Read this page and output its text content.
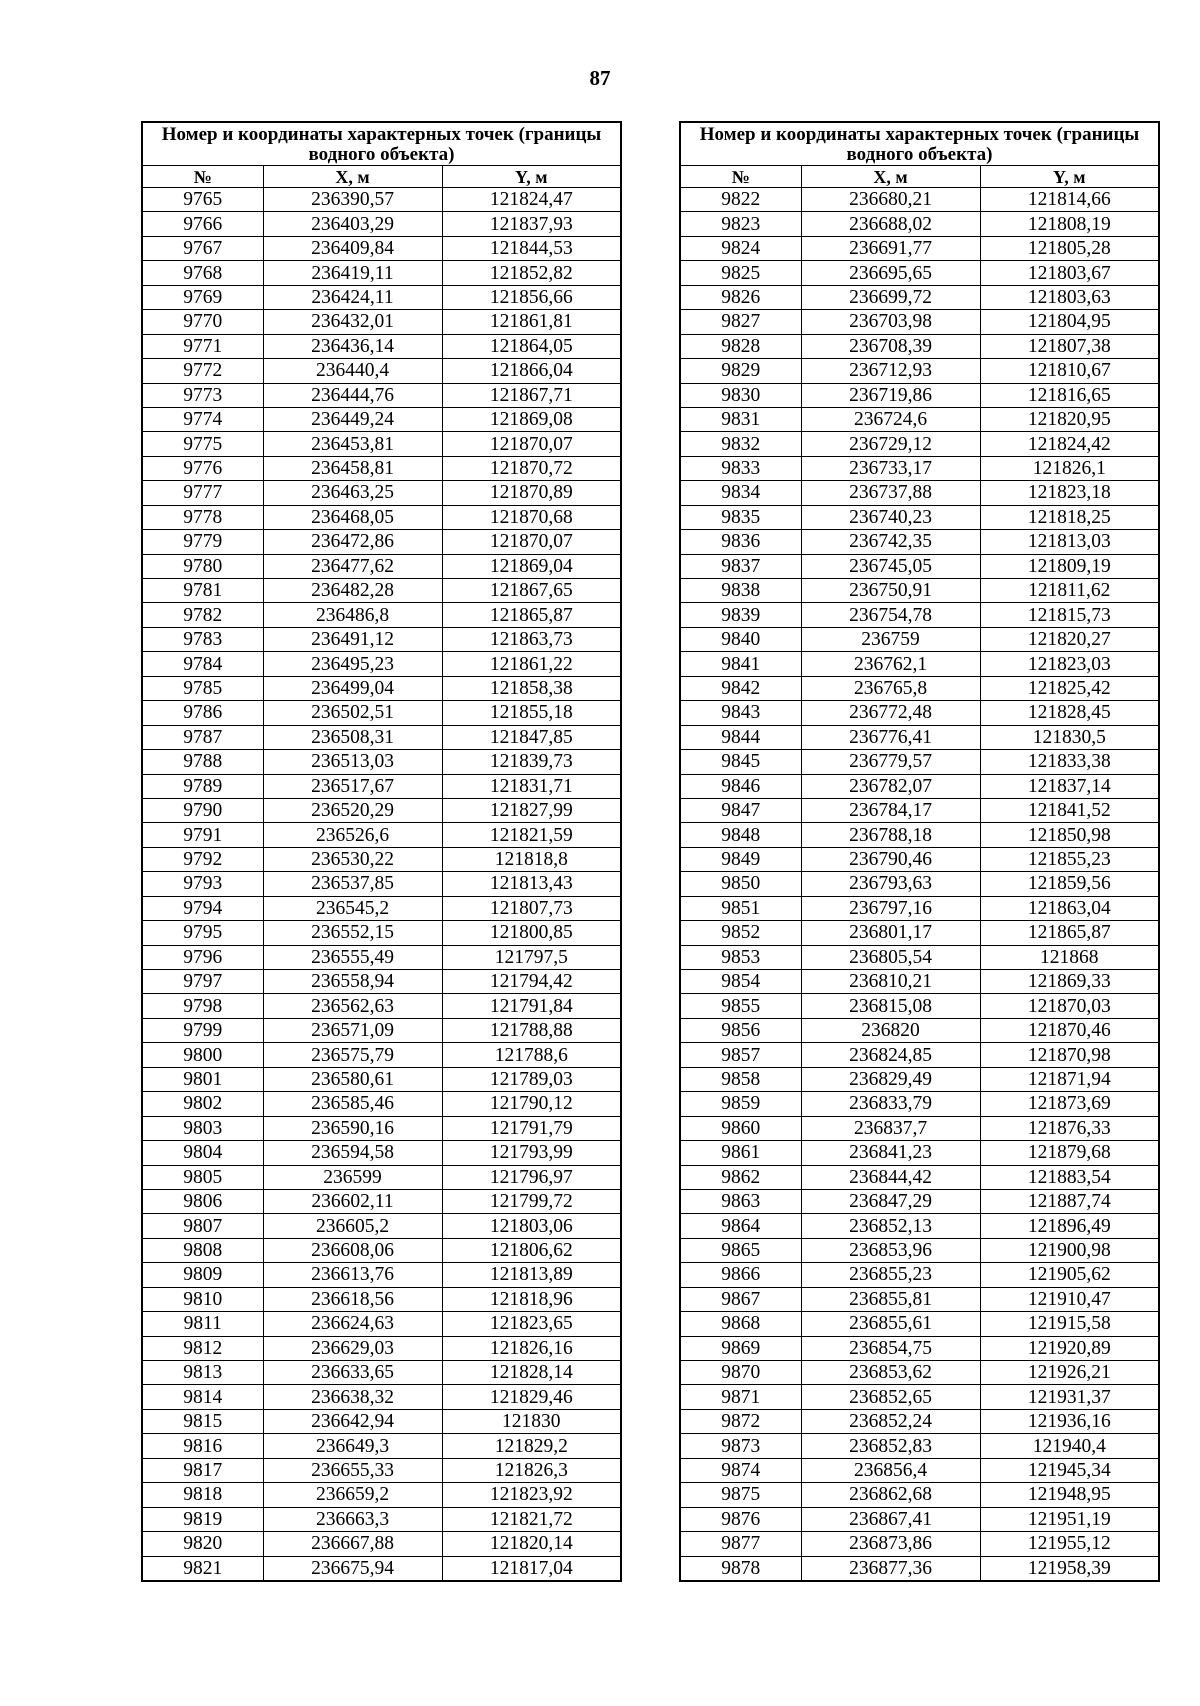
87
Номер и координаты характерных точек (границы водного объекта)		
№	X, м	Y, м
9765	236390,57	121824,47
9766	236403,29	121837,93
9767	236409,84	121844,53
9768	236419,11	121852,82
9769	236424,11	121856,66
9770	236432,01	121861,81
9771	236436,14	121864,05
9772	236440,4	121866,04
9773	236444,76	121867,71
9774	236449,24	121869,08
9775	236453,81	121870,07
9776	236458,81	121870,72
9777	236463,25	121870,89
9778	236468,05	121870,68
9779	236472,86	121870,07
9780	236477,62	121869,04
9781	236482,28	121867,65
9782	236486,8	121865,87
9783	236491,12	121863,73
9784	236495,23	121861,22
9785	236499,04	121858,38
9786	236502,51	121855,18
9787	236508,31	121847,85
9788	236513,03	121839,73
9789	236517,67	121831,71
9790	236520,29	121827,99
9791	236526,6	121821,59
9792	236530,22	121818,8
9793	236537,85	121813,43
9794	236545,2	121807,73
9795	236552,15	121800,85
9796	236555,49	121797,5
9797	236558,94	121794,42
9798	236562,63	121791,84
9799	236571,09	121788,88
9800	236575,79	121788,6
9801	236580,61	121789,03
9802	236585,46	121790,12
9803	236590,16	121791,79
9804	236594,58	121793,99
9805	236599	121796,97
9806	236602,11	121799,72
9807	236605,2	121803,06
9808	236608,06	121806,62
9809	236613,76	121813,89
9810	236618,56	121818,96
9811	236624,63	121823,65
9812	236629,03	121826,16
9813	236633,65	121828,14
9814	236638,32	121829,46
9815	236642,94	121830
9816	236649,3	121829,2
9817	236655,33	121826,3
9818	236659,2	121823,92
9819	236663,3	121821,72
9820	236667,88	121820,14
9821	236675,94	121817,04
Номер и координаты характерных точек (границы водного объекта)		
№	X, м	Y, м
9822	236680,21	121814,66
9823	236688,02	121808,19
9824	236691,77	121805,28
9825	236695,65	121803,67
9826	236699,72	121803,63
9827	236703,98	121804,95
9828	236708,39	121807,38
9829	236712,93	121810,67
9830	236719,86	121816,65
9831	236724,6	121820,95
9832	236729,12	121824,42
9833	236733,17	121826,1
9834	236737,88	121823,18
9835	236740,23	121818,25
9836	236742,35	121813,03
9837	236745,05	121809,19
9838	236750,91	121811,62
9839	236754,78	121815,73
9840	236759	121820,27
9841	236762,1	121823,03
9842	236765,8	121825,42
9843	236772,48	121828,45
9844	236776,41	121830,5
9845	236779,57	121833,38
9846	236782,07	121837,14
9847	236784,17	121841,52
9848	236788,18	121850,98
9849	236790,46	121855,23
9850	236793,63	121859,56
9851	236797,16	121863,04
9852	236801,17	121865,87
9853	236805,54	121868
9854	236810,21	121869,33
9855	236815,08	121870,03
9856	236820	121870,46
9857	236824,85	121870,98
9858	236829,49	121871,94
9859	236833,79	121873,69
9860	236837,7	121876,33
9861	236841,23	121879,68
9862	236844,42	121883,54
9863	236847,29	121887,74
9864	236852,13	121896,49
9865	236853,96	121900,98
9866	236855,23	121905,62
9867	236855,81	121910,47
9868	236855,61	121915,58
9869	236854,75	121920,89
9870	236853,62	121926,21
9871	236852,65	121931,37
9872	236852,24	121936,16
9873	236852,83	121940,4
9874	236856,4	121945,34
9875	236862,68	121948,95
9876	236867,41	121951,19
9877	236873,86	121955,12
9878	236877,36	121958,39
